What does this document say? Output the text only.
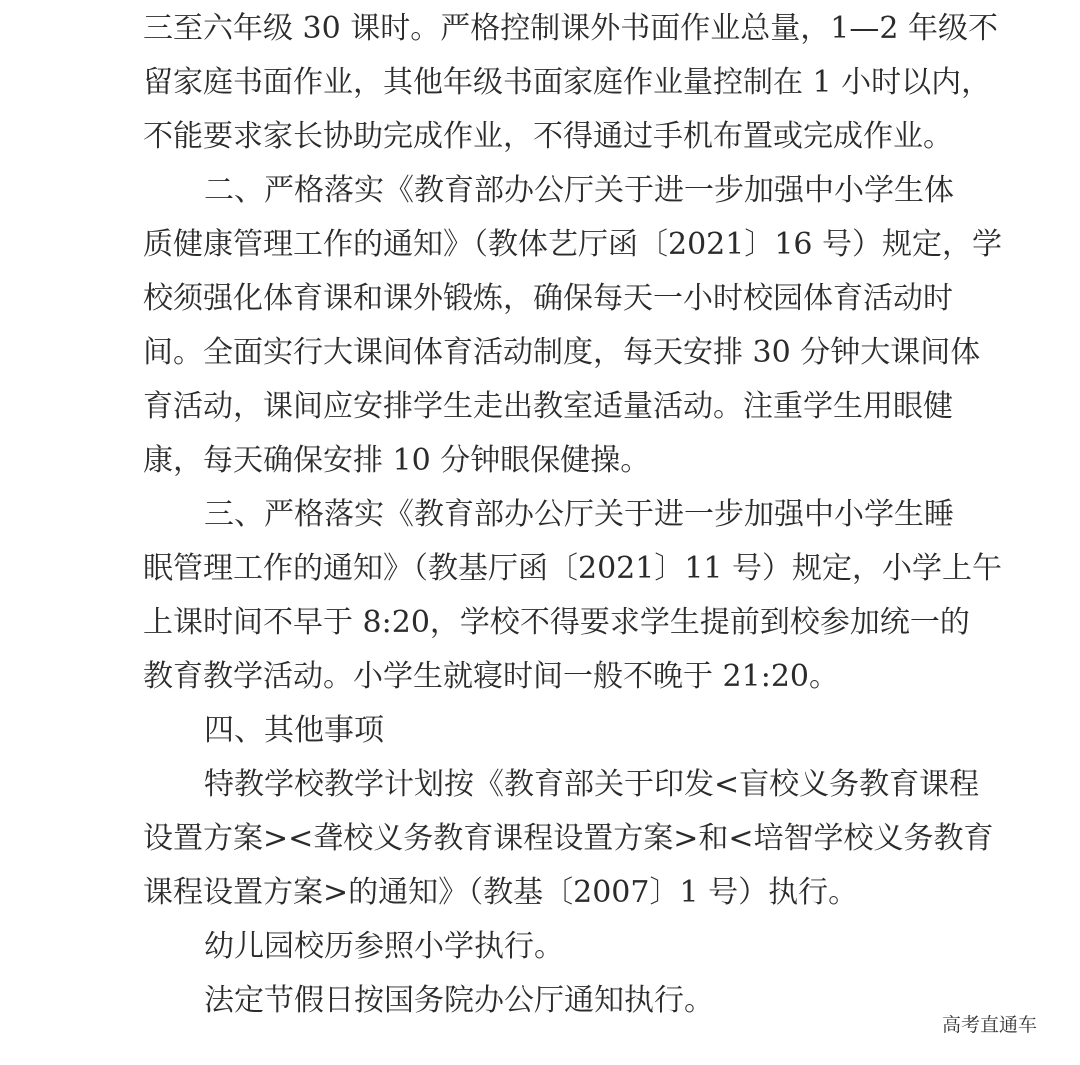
三至六年级 30 课时。严格控制课外书面作业总量，1—2 年级不
留家庭书面作业，其他年级书面家庭作业量控制在 1 小时以内，
不能要求家长协助完成作业，不得通过手机布置或完成作业。
二、严格落实《教育部办公厅关于进一步加强中小学生体
质健康管理工作的通知》（教体艺厅函〔2021〕16 号）规定，学
校须强化体育课和课外锻炼，确保每天一小时校园体育活动时
间。全面实行大课间体育活动制度，每天安排 30 分钟大课间体
育活动，课间应安排学生走出教室适量活动。注重学生用眼健
康，每天确保安排 10 分钟眼保健操。
三、严格落实《教育部办公厅关于进一步加强中小学生睡
眠管理工作的通知》（教基厅函〔2021〕11 号）规定，小学上午
上课时间不早于 8:20，学校不得要求学生提前到校参加统一的
教育教学活动。小学生就寝时间一般不晚于 21:20。
四、其他事项
特教学校教学计划按《教育部关于印发<盲校义务教育课程
设置方案><聋校义务教育课程设置方案>和<培智学校义务教育
课程设置方案>的通知》（教基〔2007〕1 号）执行。
幼儿园校历参照小学执行。
法定节假日按国务院办公厅通知执行。
高考直通车
